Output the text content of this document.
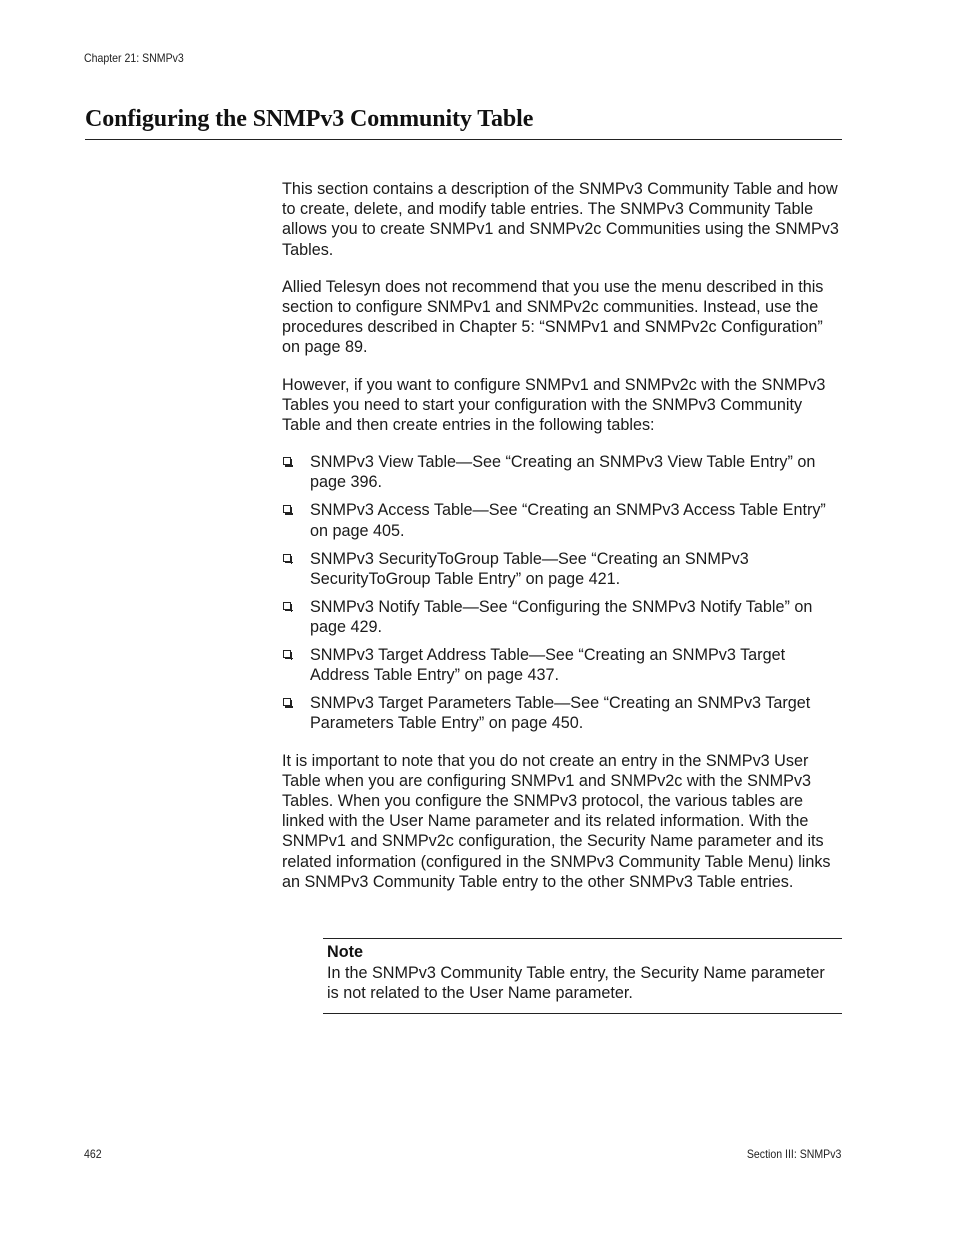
Chapter 21: SNMPv3
Configuring the SNMPv3 Community Table

This section contains a description of the SNMPv3 Community Table and how to create, delete, and modify table entries. The SNMPv3 Community Table allows you to create SNMPv1 and SNMPv2c Communities using the SNMPv3 Tables.

Allied Telesyn does not recommend that you use the menu described in this section to configure SNMPv1 and SNMPv2c communities. Instead, use the procedures described in Chapter 5: “SNMPv1 and SNMPv2c Configuration” on page 89.

However, if you want to configure SNMPv1 and SNMPv2c with the SNMPv3 Tables you need to start your configuration with the SNMPv3 Community Table and then create entries in the following tables:

SNMPv3 View Table—See “Creating an SNMPv3 View Table Entry” on page 396.
SNMPv3 Access Table—See “Creating an SNMPv3 Access Table Entry” on page 405.
SNMPv3 SecurityToGroup Table—See “Creating an SNMPv3 SecurityToGroup Table Entry” on page 421.
SNMPv3 Notify Table—See “Configuring the SNMPv3 Notify Table” on page 429.
SNMPv3 Target Address Table—See “Creating an SNMPv3 Target Address Table Entry” on page 437.
SNMPv3 Target Parameters Table—See “Creating an SNMPv3 Target Parameters Table Entry” on page 450.

It is important to note that you do not create an entry in the SNMPv3 User Table when you are configuring SNMPv1 and SNMPv2c with the SNMPv3 Tables. When you configure the SNMPv3 protocol, the various tables are linked with the User Name parameter and its related information. With the SNMPv1 and SNMPv2c configuration, the Security Name parameter and its related information (configured in the SNMPv3 Community Table Menu) links an SNMPv3 Community Table entry to the other SNMPv3 Table entries.

Note
In the SNMPv3 Community Table entry, the Security Name parameter is not related to the User Name parameter.
462	Section III: SNMPv3
